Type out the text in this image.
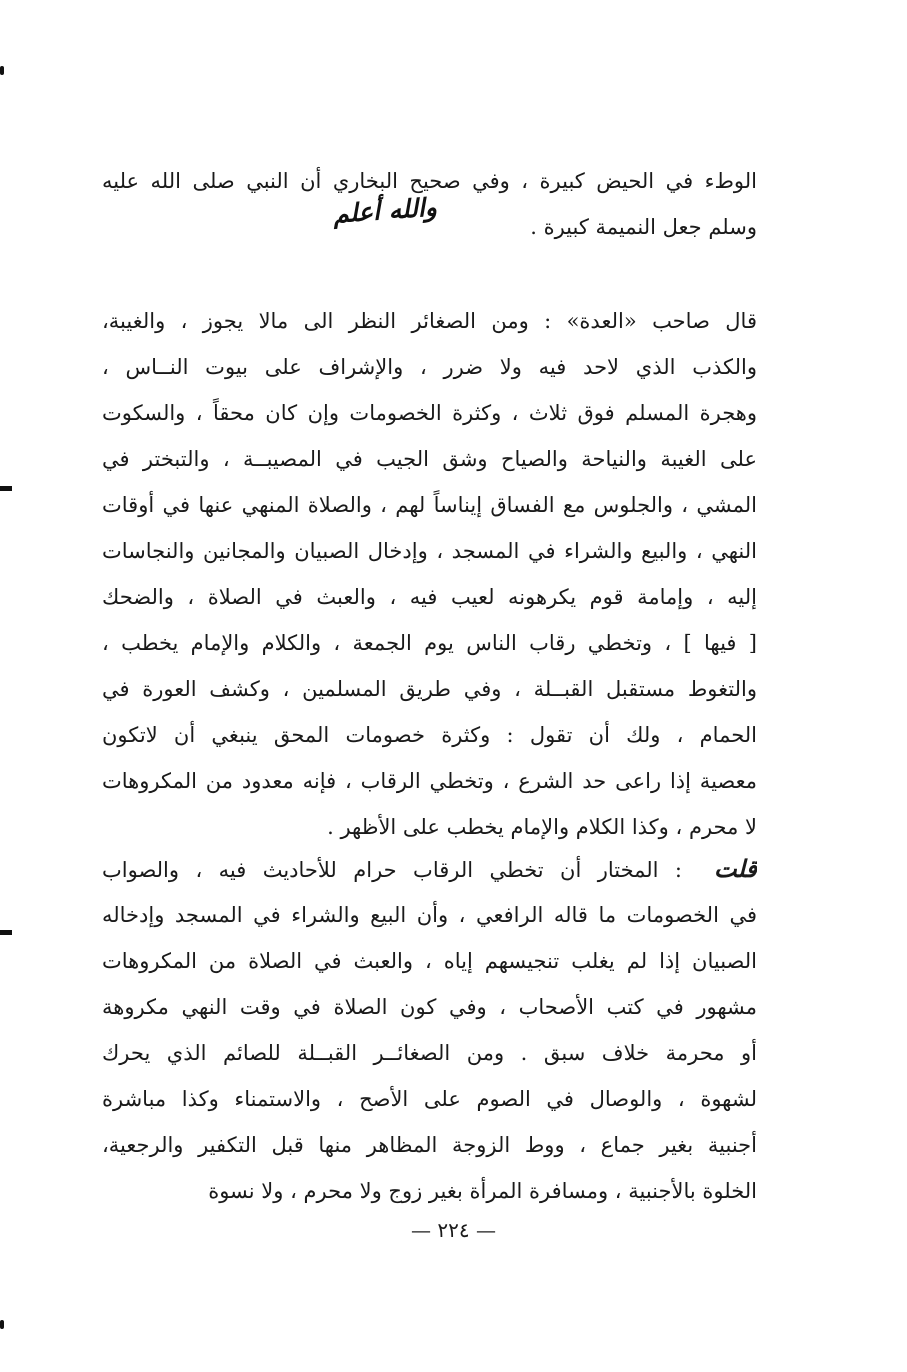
الوطء في الحيض كبيرة ، وفي صحيح البخاري أن النبي صلى الله عليه
وسلم جعل النميمة كبيرة .
والله أعلم
قال صاحب «العدة» : ومن الصغائر النظر الى مالا يجوز ، والغيبة،
والكذب الذي لاحد فيه ولا ضرر ، والإشراف على بيوت النــاس ،
وهجرة المسلم فوق ثلاث ، وكثرة الخصومات وإن كان محقاً ، والسكوت
على الغيبة والنياحة والصياح وشق الجيب في المصيبــة ، والتبختر في
المشي ، والجلوس مع الفساق إيناساً لهم ، والصلاة المنهي عنها في أوقات
النهي ، والبيع والشراء في المسجد ، وإدخال الصبيان والمجانين والنجاسات
إليه ، وإمامة قوم يكرهونه لعيب فيه ، والعبث في الصلاة ، والضحك
[ فيها ] ، وتخطي رقاب الناس يوم الجمعة ، والكلام والإمام يخطب ،
والتغوط مستقبل القبــلة ، وفي طريق المسلمين ، وكشف العورة في
الحمام ، ولك أن تقول : وكثرة خصومات المحق ينبغي أن لاتكون
معصية إذا راعى حد الشرع ، وتخطي الرقاب ، فإنه معدود من المكروهات
لا محرم ، وكذا الكلام والإمام يخطب على الأظهر .
قلت: المختار أن تخطي الرقاب حرام للأحاديث فيه ، والصواب
في الخصومات ما قاله الرافعي ، وأن البيع والشراء في المسجد وإدخاله
الصبيان إذا لم يغلب تنجيسهم إياه ، والعبث في الصلاة من المكروهات
مشهور في كتب الأصحاب ، وفي كون الصلاة في وقت النهي مكروهة
أو محرمة خلاف سبق . ومن الصغائــر القبــلة للصائم الذي يحرك
لشهوة ، والوصال في الصوم على الأصح ، والاستمناء وكذا مباشرة
أجنبية بغير جماع ، ووط الزوجة المظاهر منها قبل التكفير والرجعية،
الخلوة بالأجنبية ، ومسافرة المرأة بغير زوج ولا محرم ، ولا نسوة
— ٢٢٤ —
